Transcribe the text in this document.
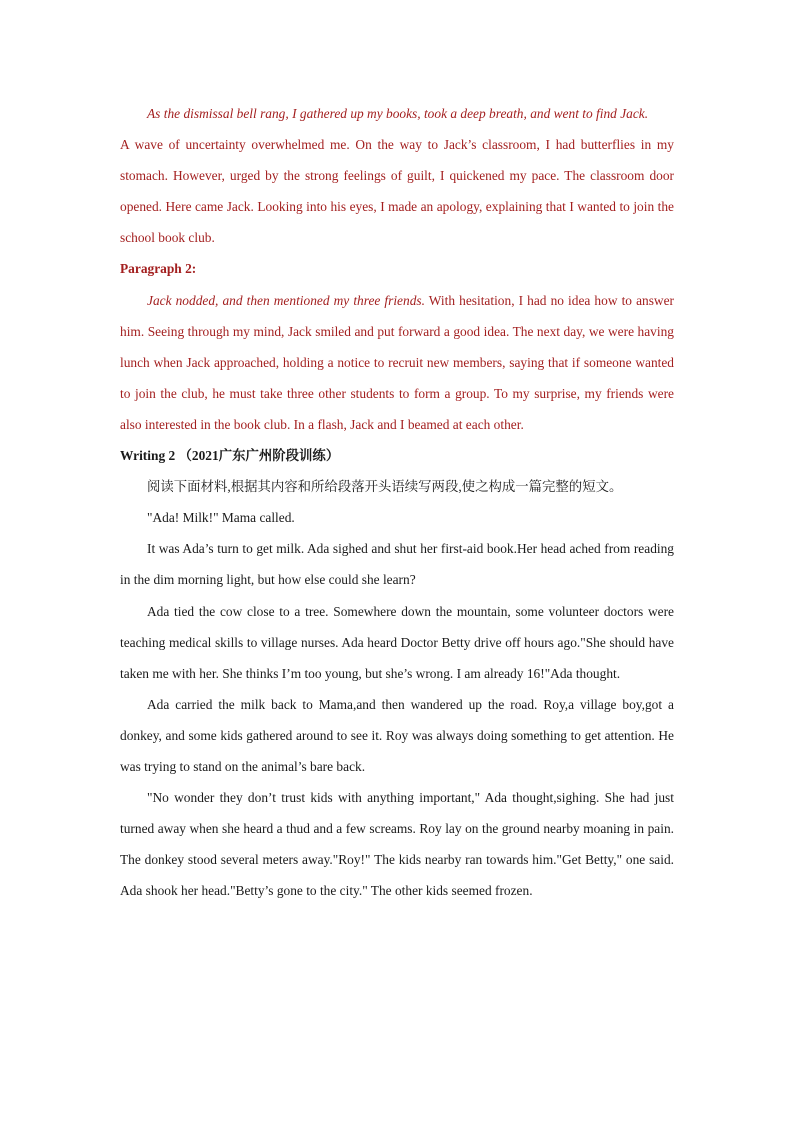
As the dismissal bell rang, I gathered up my books, took a deep breath, and went to find Jack.
A wave of uncertainty overwhelmed me. On the way to Jack’s classroom, I had butterflies in my stomach. However, urged by the strong feelings of guilt, I quickened my pace. The classroom door opened. Here came Jack. Looking into his eyes, I made an apology, explaining that I wanted to join the school book club.

Paragraph 2:

Jack nodded, and then mentioned my three friends. With hesitation, I had no idea how to answer him. Seeing through my mind, Jack smiled and put forward a good idea. The next day, we were having lunch when Jack approached, holding a notice to recruit new members, saying that if someone wanted to join the club, he must take three other students to form a group. To my surprise, my friends were also interested in the book club. In a flash, Jack and I beamed at each other.

Writing 2 （2021广东广州阶段训练）

阅读下面材料,根据其内容和所给段落开头语续写两段,使之构成一篇完整的短文。

"Ada! Milk!" Mama called.

It was Ada’s turn to get milk. Ada sighed and shut her first-aid book.Her head ached from reading in the dim morning light, but how else could she learn?

Ada tied the cow close to a tree. Somewhere down the mountain, some volunteer doctors were teaching medical skills to village nurses. Ada heard Doctor Betty drive off hours ago."She should have taken me with her. She thinks I’m too young, but she’s wrong. I am already 16!"Ada thought.

Ada carried the milk back to Mama,and then wandered up the road. Roy,a village boy,got a donkey, and some kids gathered around to see it. Roy was always doing something to get attention. He was trying to stand on the animal’s bare back.

"No wonder they don’t trust kids with anything important," Ada thought,sighing. She had just turned away when she heard a thud and a few screams. Roy lay on the ground nearby moaning in pain. The donkey stood several meters away."Roy!" The kids nearby ran towards him."Get Betty," one said. Ada shook her head."Betty’s gone to the city." The other kids seemed frozen.
